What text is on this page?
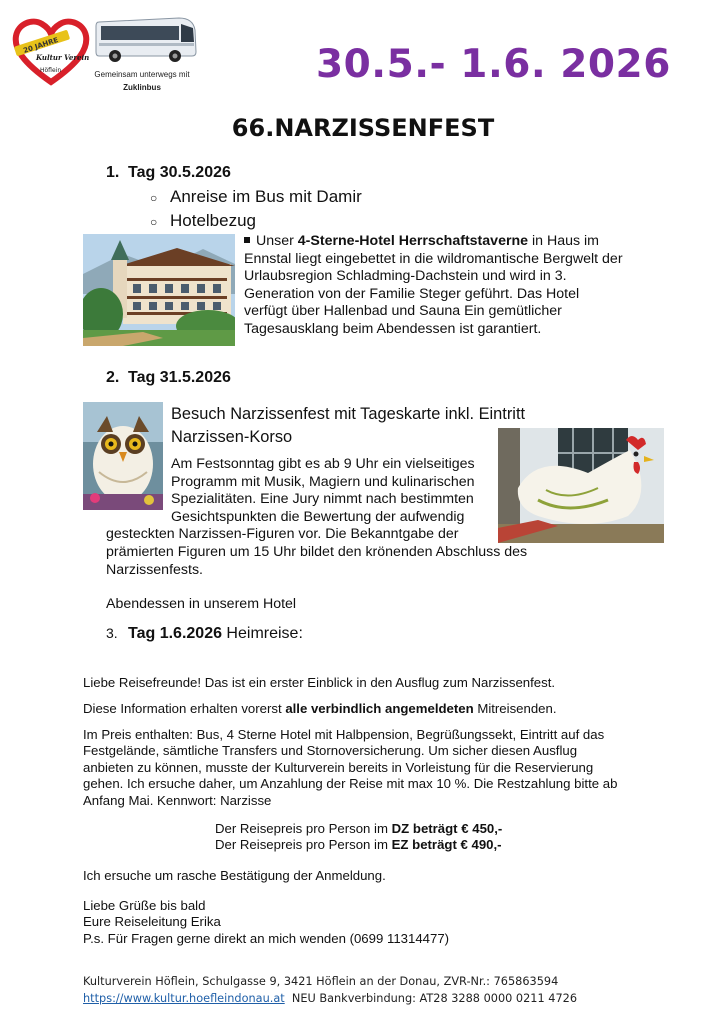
20 JAHRE
Kultur Verein
Höflein	Gemeinsam unterwegs mit
Zuklinbus
30.5.- 1.6. 2026
66.NARZISSENFEST
1. Tag 30.5.2026
○ Anreise im Bus mit Damir
○ Hotelbezug
Unser 4-Sterne-Hotel Herrschaftstaverne in Haus im
Ennstal liegt eingebettet in die wildromantische Bergwelt der
Urlaubsregion Schladming-Dachstein und wird in 3.
Generation von der Familie Steger geführt. Das Hotel
verfügt über Hallenbad und Sauna Ein gemütlicher
Tagesausklang beim Abendessen ist garantiert.
2. Tag 31.5.2026
Besuch Narzissenfest mit Tageskarte inkl. Eintritt
Narzissen-Korso
Am Festsonntag gibt es ab 9 Uhr ein vielseitiges
Programm mit Musik, Magiern und kulinarischen
Spezialitäten. Eine Jury nimmt nach bestimmten
Gesichtspunkten die Bewertung der aufwendig
gesteckten Narzissen-Figuren vor. Die Bekanntgabe der
prämierten Figuren um 15 Uhr bildet den krönenden Abschluss des
Narzissenfests.
Abendessen in unserem Hotel
3. Tag 1.6.2026 Heimreise:
Liebe Reisefreunde! Das ist ein erster Einblick in den Ausflug zum Narzissenfest.
Diese Information erhalten vorerst alle verbindlich angemeldeten Mitreisenden.
Im Preis enthalten: Bus, 4 Sterne Hotel mit Halbpension, Begrüßungssekt, Eintritt auf das
Festgelände, sämtliche Transfers und Stornoversicherung. Um sicher diesen Ausflug
anbieten zu können, musste der Kulturverein bereits in Vorleistung für die Reservierung
gehen. Ich ersuche daher, um Anzahlung der Reise mit max 10 %. Die Restzahlung bitte ab
Anfang Mai. Kennwort: Narzisse
Der Reisepreis pro Person im DZ beträgt € 450,-
Der Reisepreis pro Person im EZ beträgt € 490,-
Ich ersuche um rasche Bestätigung der Anmeldung.
Liebe Grüße bis bald
Eure Reiseleitung Erika
P.s. Für Fragen gerne direkt an mich wenden (0699 11314477)
Kulturverein Höflein, Schulgasse 9, 3421 Höflein an der Donau, ZVR-Nr.: 765863594
https://www.kultur.hoefleindonau.at  NEU Bankverbindung: AT28 3288 0000 0211 4726
